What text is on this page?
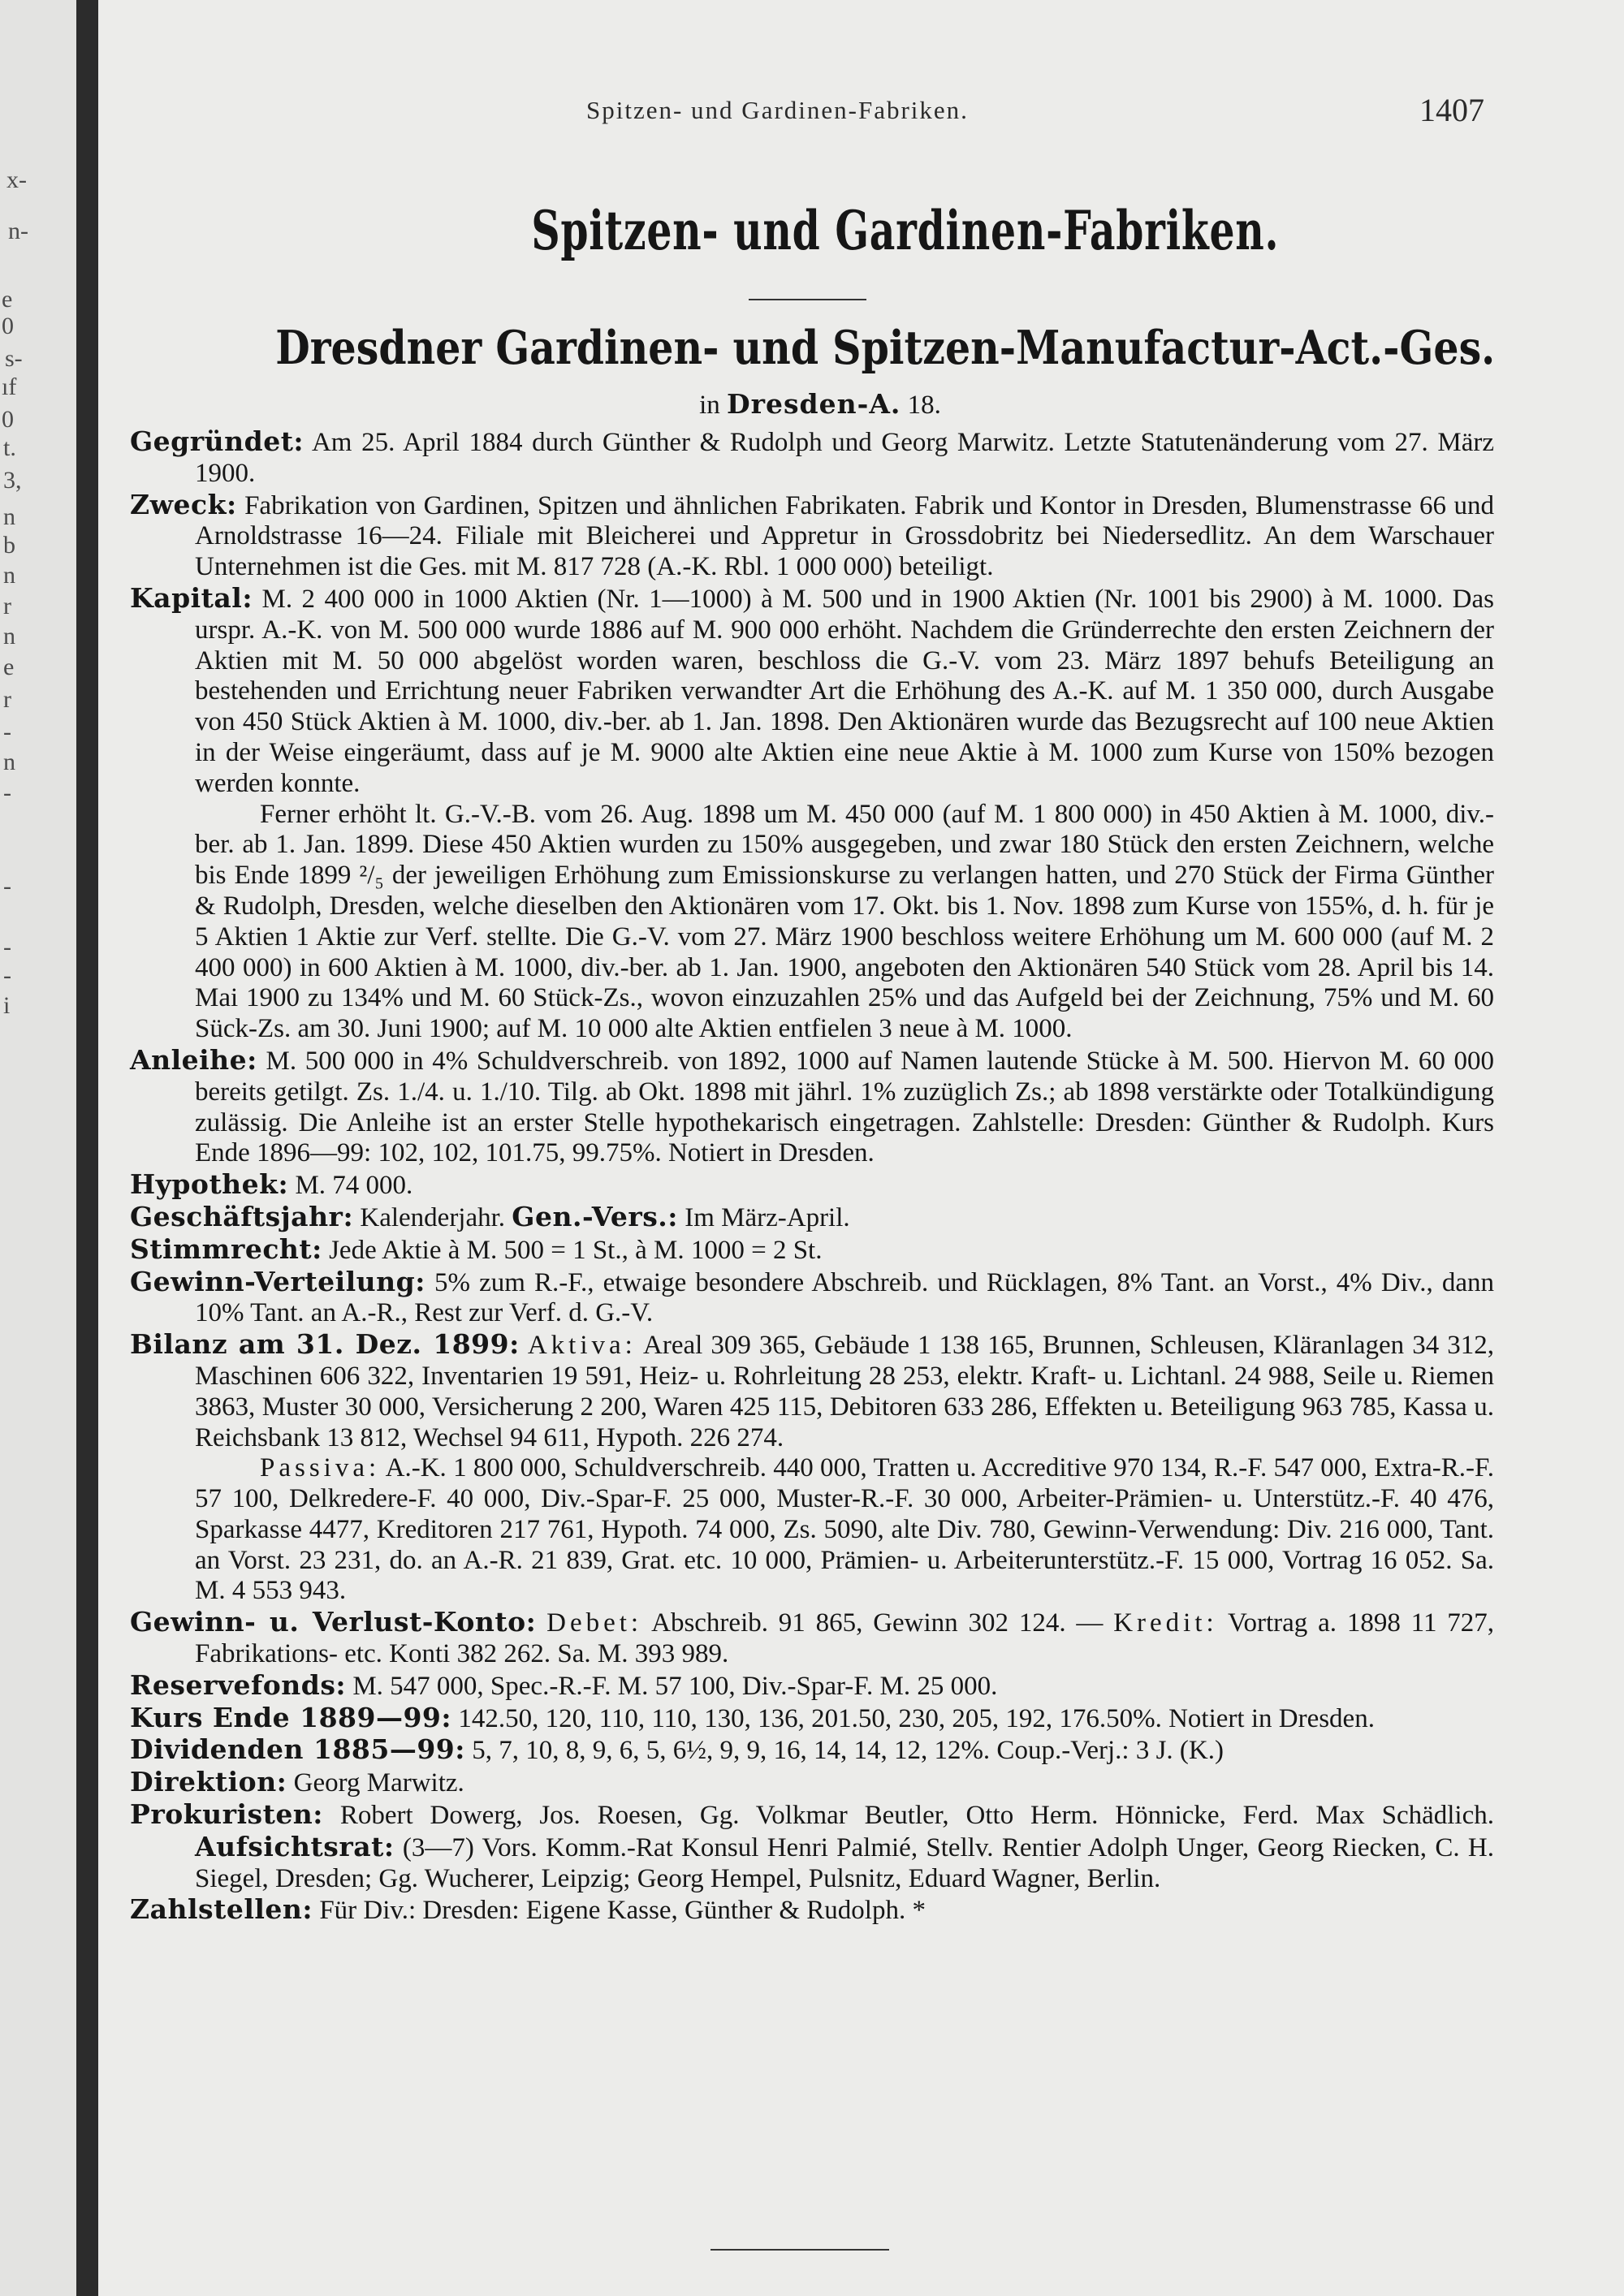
x-
n-
e
0
s-
ıf
0
t.
3,
n
b
n
r
n
e
r
-
n
-
-
-
-
i
Spitzen- und Gardinen-Fabriken.	1407
Spitzen- und Gardinen-Fabriken.
Dresdner Gardinen- und Spitzen-Manufactur-Act.-Ges.
in Dresden-A. 18.

Gegründet: Am 25. April 1884 durch Günther & Rudolph und Georg Marwitz. Letzte Statutenänderung vom 27. März 1900.

Zweck: Fabrikation von Gardinen, Spitzen und ähnlichen Fabrikaten. Fabrik und Kontor in Dresden, Blumenstrasse 66 und Arnoldstrasse 16—24. Filiale mit Bleicherei und Appretur in Grossdobritz bei Niedersedlitz. An dem Warschauer Unternehmen ist die Ges. mit M. 817 728 (A.-K. Rbl. 1 000 000) beteiligt.

Kapital: M. 2 400 000 in 1000 Aktien (Nr. 1—1000) à M. 500 und in 1900 Aktien (Nr. 1001 bis 2900) à M. 1000. Das urspr. A.-K. von M. 500 000 wurde 1886 auf M. 900 000 erhöht. Nachdem die Gründerrechte den ersten Zeichnern der Aktien mit M. 50 000 abgelöst worden waren, beschloss die G.-V. vom 23. März 1897 behufs Beteiligung an bestehenden und Errichtung neuer Fabriken verwandter Art die Erhöhung des A.-K. auf M. 1 350 000, durch Ausgabe von 450 Stück Aktien à M. 1000, div.-ber. ab 1. Jan. 1898. Den Aktionären wurde das Bezugsrecht auf 100 neue Aktien in der Weise eingeräumt, dass auf je M. 9000 alte Aktien eine neue Aktie à M. 1000 zum Kurse von 150% bezogen werden konnte.

Ferner erhöht lt. G.-V.-B. vom 26. Aug. 1898 um M. 450 000 (auf M. 1 800 000) in 450 Aktien à M. 1000, div.-ber. ab 1. Jan. 1899. Diese 450 Aktien wurden zu 150% ausgegeben, und zwar 180 Stück den ersten Zeichnern, welche bis Ende 1899 ²/₅ der jeweiligen Erhöhung zum Emissionskurse zu verlangen hatten, und 270 Stück der Firma Günther & Rudolph, Dresden, welche dieselben den Aktionären vom 17. Okt. bis 1. Nov. 1898 zum Kurse von 155%, d. h. für je 5 Aktien 1 Aktie zur Verf. stellte. Die G.-V. vom 27. März 1900 beschloss weitere Erhöhung um M. 600 000 (auf M. 2 400 000) in 600 Aktien à M. 1000, div.-ber. ab 1. Jan. 1900, angeboten den Aktionären 540 Stück vom 28. April bis 14. Mai 1900 zu 134% und M. 60 Stück-Zs., wovon einzuzahlen 25% und das Aufgeld bei der Zeichnung, 75% und M. 60 Sück-Zs. am 30. Juni 1900; auf M. 10 000 alte Aktien entfielen 3 neue à M. 1000.

Anleihe: M. 500 000 in 4% Schuldverschreib. von 1892, 1000 auf Namen lautende Stücke à M. 500. Hiervon M. 60 000 bereits getilgt. Zs. 1./4. u. 1./10. Tilg. ab Okt. 1898 mit jährl. 1% zuzüglich Zs.; ab 1898 verstärkte oder Totalkündigung zulässig. Die Anleihe ist an erster Stelle hypothekarisch eingetragen. Zahlstelle: Dresden: Günther & Rudolph. Kurs Ende 1896—99: 102, 102, 101.75, 99.75%. Notiert in Dresden.

Hypothek: M. 74 000.

Geschäftsjahr: Kalenderjahr. Gen.-Vers.: Im März-April.

Stimmrecht: Jede Aktie à M. 500 = 1 St., à M. 1000 = 2 St.

Gewinn-Verteilung: 5% zum R.-F., etwaige besondere Abschreib. und Rücklagen, 8% Tant. an Vorst., 4% Div., dann 10% Tant. an A.-R., Rest zur Verf. d. G.-V.

Bilanz am 31. Dez. 1899: Aktiva: Areal 309 365, Gebäude 1 138 165, Brunnen, Schleusen, Kläranlagen 34 312, Maschinen 606 322, Inventarien 19 591, Heiz- u. Rohrleitung 28 253, elektr. Kraft- u. Lichtanl. 24 988, Seile u. Riemen 3863, Muster 30 000, Versicherung 2 200, Waren 425 115, Debitoren 633 286, Effekten u. Beteiligung 963 785, Kassa u. Reichsbank 13 812, Wechsel 94 611, Hypoth. 226 274.

Passiva: A.-K. 1 800 000, Schuldverschreib. 440 000, Tratten u. Accreditive 970 134, R.-F. 547 000, Extra-R.-F. 57 100, Delkredere-F. 40 000, Div.-Spar-F. 25 000, Muster-R.-F. 30 000, Arbeiter-Prämien- u. Unterstütz.-F. 40 476, Sparkasse 4477, Kreditoren 217 761, Hypoth. 74 000, Zs. 5090, alte Div. 780, Gewinn-Verwendung: Div. 216 000, Tant. an Vorst. 23 231, do. an A.-R. 21 839, Grat. etc. 10 000, Prämien- u. Arbeiterunterstütz.-F. 15 000, Vortrag 16 052. Sa. M. 4 553 943.

Gewinn- u. Verlust-Konto: Debet: Abschreib. 91 865, Gewinn 302 124. — Kredit: Vortrag a. 1898 11 727, Fabrikations- etc. Konti 382 262. Sa. M. 393 989.

Reservefonds: M. 547 000, Spec.-R.-F. M. 57 100, Div.-Spar-F. M. 25 000.

Kurs Ende 1889—99: 142.50, 120, 110, 110, 130, 136, 201.50, 230, 205, 192, 176.50%. Notiert in Dresden.

Dividenden 1885—99: 5, 7, 10, 8, 9, 6, 5, 6½, 9, 9, 16, 14, 14, 12, 12%. Coup.-Verj.: 3 J. (K.)

Direktion: Georg Marwitz.

Prokuristen: Robert Dowerg, Jos. Roesen, Gg. Volkmar Beutler, Otto Herm. Hönnicke, Ferd. Max Schädlich. Aufsichtsrat: (3—7) Vors. Komm.-Rat Konsul Henri Palmié, Stellv. Rentier Adolph Unger, Georg Riecken, C. H. Siegel, Dresden; Gg. Wucherer, Leipzig; Georg Hempel, Pulsnitz, Eduard Wagner, Berlin.

Zahlstellen: Für Div.: Dresden: Eigene Kasse, Günther & Rudolph. *
